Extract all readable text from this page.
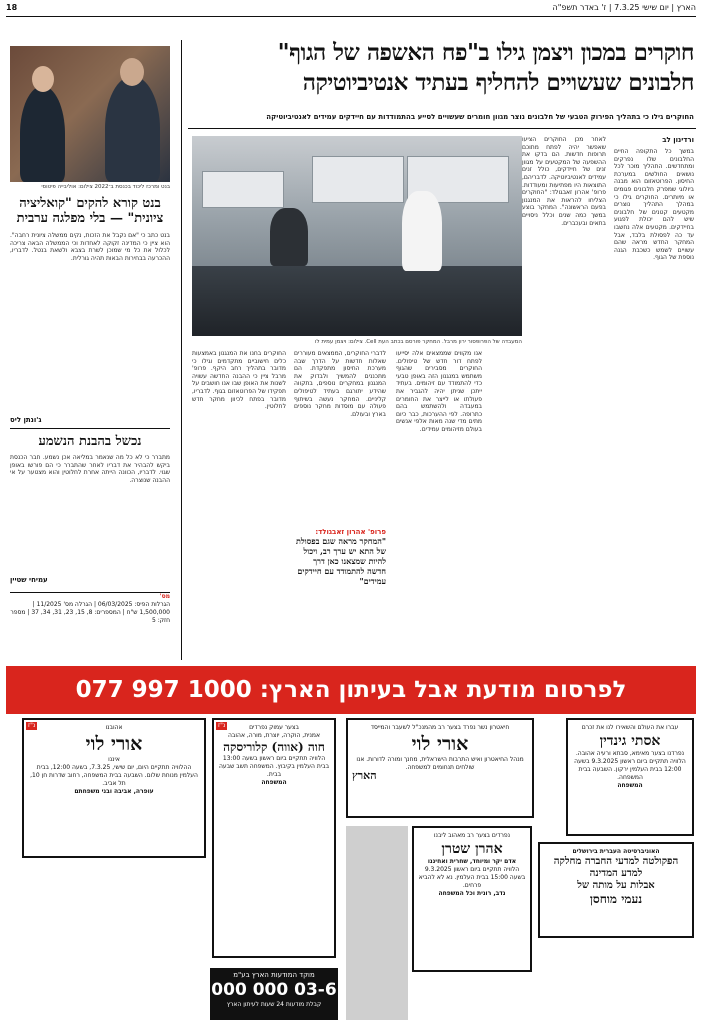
18	הארץ | יום שישי 7.3.25 | ז' באדר תשפ"ה
חוקרים במכון ויצמן גילו ב"פח האשפה של הגוף"
חלבונים שעשויים להחליף בעתיד אנטיביוטיקה
החוקרים גילו כי בתהליך הפירוק הטבעי של חלבונים נוצר מגוון חומרים שעשויים לסייע בהתמודדות עם חיידקים עמידים לאנטיביוטיקה
ורדינון לב
במשך כל התקופה החיים החלבונים שלו נפרקים ומתחדשים. התהליך מוכר לכל נושאים החולשים במערכת החיסון. הפרוטאזום הוא מבנה ביולוגי שמפרק חלבונים פגומים או מיותרים. החוקרים גילו כי במהלך התהליך נוצרים מקטעים קטנים של חלבונים שיש להם יכולת לפגוע בחיידקים. מקטעים אלה נחשבו עד כה לפסולת בלבד, אבל המחקר החדש מראה שהם עשויים לשמש כשכבת הגנה נוספת של הגוף.
לאחר מכן החוקרים הציעו שאפשר יהיה לפתח מתוכם תרופות חדשות. הם בדקו את ההשפעה של המקטעים על מגוון זנים של חיידקים, כולל זנים עמידים לאנטיביוטיקה. לדבריהם, התוצאות היו מפתיעות ומעודדות. פרופ' אהרון זאבגולד: "החוקרים הצליחו להראות את המנגנון בפעם הראשונה". המחקר בוצע במשך כמה שנים וכלל ניסויים בתאים ובעכברים.
המעבדה של הפרופסור ירון מרבל. המחקר פורסם בכתב העת Cell. צילום: ויצמן עמית לו
אנו מקווים שממצאים אלה יסייעו לפתח דור חדש של טיפולים. החוקרים מסבירים שהגוף משתמש במנגנון הזה באופן טבעי כדי להתמודד עם זיהומים. בעתיד ייתכן שניתן יהיה להגביר את פעולתו או לייצר את החומרים במעבדה ולהשתמש בהם כתרופה. לפי ההערכות, כבר כיום מתים מדי שנה מאות אלפי אנשים בעולם מזיהומים עמידים.
לדברי החוקרים, הממצאים מעוררים שאלות חדשות על הדרך שבה מערכת החיסון מתפקדת. הם מתכננים להמשיך ולבדוק את המנגנון במחקרים נוספים, בתקווה שהידע יתורגם בעתיד לטיפולים קליניים. המחקר נעשה בשיתוף פעולה עם מוסדות מחקר נוספים בארץ ובעולם.
פרופ' אהרון זאבגולד:
"המחקר מראה שגם בפסולת של התא יש ערך רב, ויכול להיות שמצאנו כאן דרך חדשה להתמודד עם חיידקים עמידים"
החוקרים בחנו את המנגנון באמצעות כלים חישוביים מתקדמים וגילו כי מדובר בתהליך רחב היקף. פרופ' מרבל ציין כי ההבנה החדשה עשויה לשנות את האופן שבו אנו חושבים על תפקידו של הפרוטאזום בגוף. לדבריו, מדובר בפתח לכיוון מחקר חדש לחלוטין.
בנט ומרכז ליכוד בכנסת ב־2022 צילום: אוליבייה פיטוסי
בנט קורא להקים "קואליציה ציונית" — בלי מפלגה ערבית
בנט כתב כי "אם נקבל את הזכות, נקים ממשלה ציונית רחבה". הוא ציין כי המדינה זקוקה לאחדות וכי הממשלה הבאה צריכה לכלול את כל מי שמוכן לשרת בצבא ולשאת בנטל. לדבריו, ההכרעה בבחירות הבאות תהיה גורלית.
ג'ונתן ליס
נכשל בהבנת הנשמע
מתברר כי לא כל מה שנאמר במליאה אכן נשמע. חבר הכנסת ביקש להבהיר את דבריו לאחר שהתברר כי הם פורשו באופן שגוי. לדבריו, הכוונה הייתה אחרת לחלוטין והוא מצטער על אי ההבנה שנוצרה.
עמיחי שטיין
מס'
הגרלות הפיס: 06/03/2025 | הגרלה מס' 11/2025 | 1,500,000 ש"ח | המספרים: 8, 15, 23, 31, 34, 37 | מספר חזק: 5
לפרסום מודעת אבל בעיתון הארץ: 1000 997 077
עברו את העולם והשאירו לנו את זכרם
אסתי גינדין
נפרדנו בצער מאימא, סבתא ורעיה אהובה. הלוויה תתקיים ביום ראשון 9.3.2025 בשעה 12:00 בבית העלמין ירקון. השבעה בבית המשפחה.
המשפחה
חיאטרון נשר נפרד בצער רב מהמנכ"ל לשעבר והמייסד
אורי לוי
מנהל החיאטרון ואיש התרבות הישראלית, מחנך ומורה לדורות. אנו שולחים תנחומים למשפחה.
הארץ
נ"ז	בצער עמוק נפרדים
אמנית, הוקרה, יוצרת, מורה, אהובה
חוה (אווה) קלוריסקה
הלוויה תתקיים ביום ראשון בשעה 13:00 בבית העלמין בקיבוץ. המשפחה תשב שבעה בבית.
המשפחה
נ"ז	אהובנו
אורי לוי
איננו
ההלוויה תתקיים היום, יום שישי, 7.3.25, בשעה 12:00, בבית העלמין מנוחת שלום. השבעה בבית המשפחה, רחוב שדרות חן 10, תל אביב.
עופרה, אביבה ובני משפחתם
נפרדים בצער רב מאהוב ליבנו
אהרן שטרן
אדם יקר ומיוחד, שחרית ואחיננו
הלוויה תתקיים ביום ראשון 9.3.2025 בשעה 15:00 בבית העלמין. נא לא להביא פרחים.
נדב, רונית וכל המשפחה
האוניברסיטה העברית בירושלים
הפקולטה למדעי החברה מחלקה למדע המדינה
אבלות על מותה של
נעמי מוחסן
מוקד המודעות הארץ בע"מ
03-6 000 000
קבלת מודעות 24 שעות לעיתון הארץ
